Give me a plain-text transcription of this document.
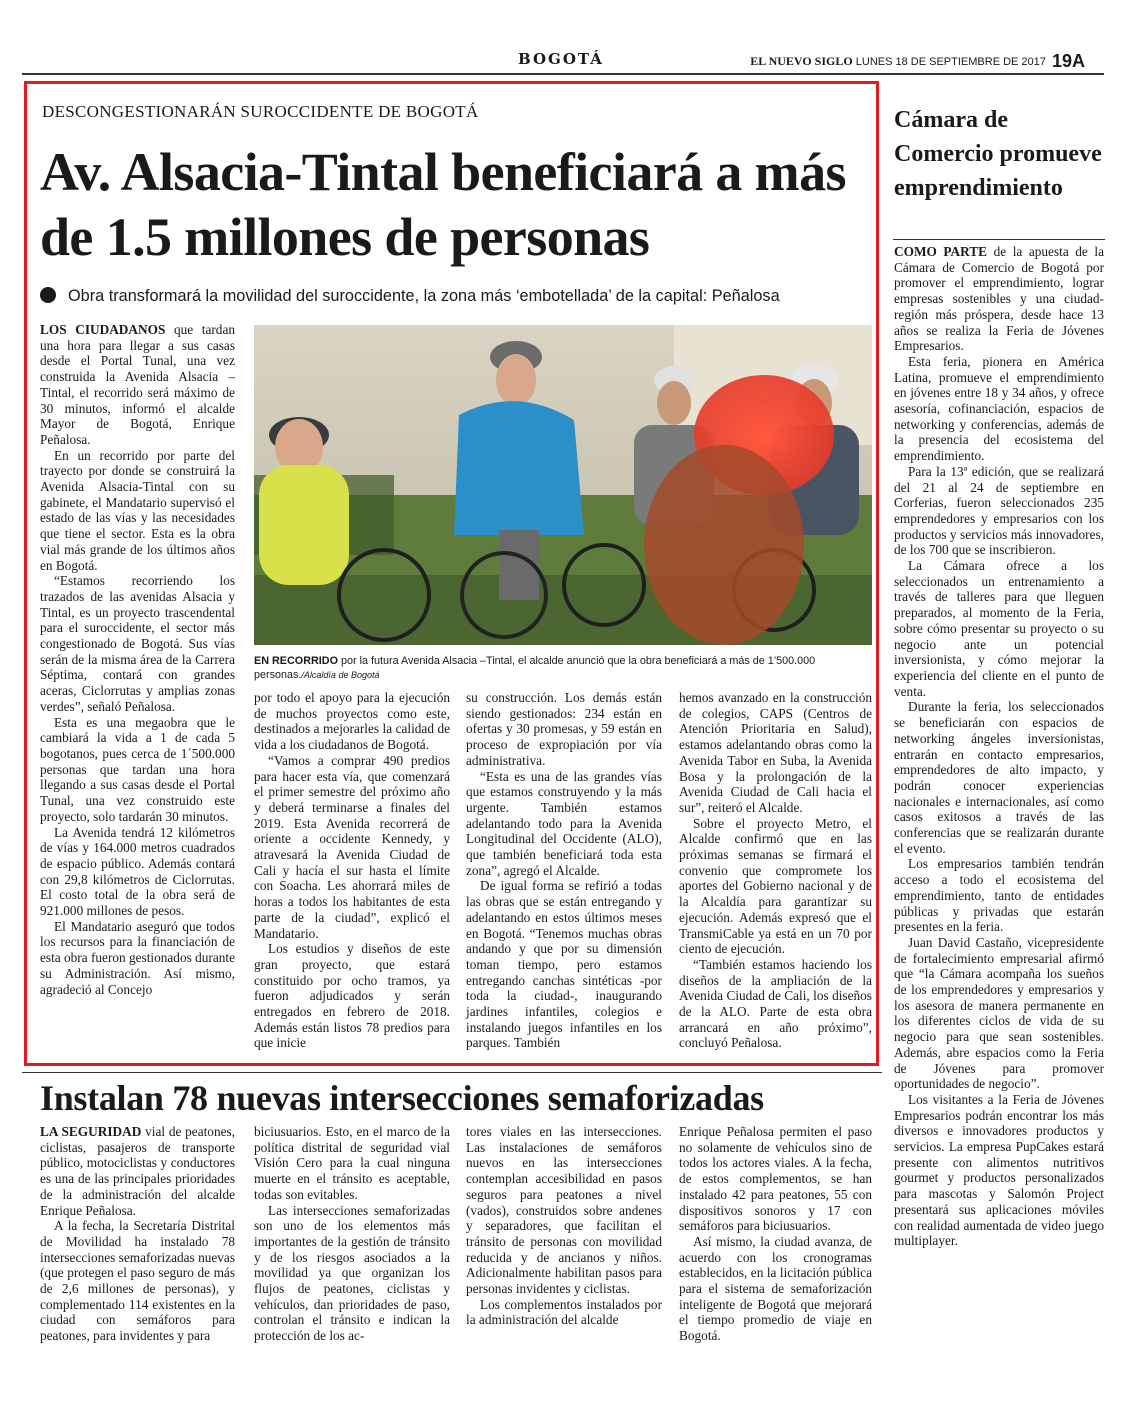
BOGOTÁ	EL NUEVO SIGLO LUNES 18 DE SEPTIEMBRE DE 2017 19A
DESCONGESTIONARÁN SUROCCIDENTE DE BOGOTÁ
Av. Alsacia-Tintal beneficiará a más de 1.5 millones de personas
Obra transformará la movilidad del suroccidente, la zona más ‘embotellada’ de la capital: Peñalosa

LOS CIUDADANOS que tardan una hora para llegar a sus casas desde el Portal Tunal, una vez construida la Avenida Alsacia –Tintal, el recorrido será máximo de 30 minutos, informó el alcalde Mayor de Bogotá, Enrique Peñalosa.

En un recorrido por parte del trayecto por donde se construirá la Avenida Alsacia-Tintal con su gabinete, el Mandatario supervisó el estado de las vías y las necesidades que tiene el sector. Esta es la obra vial más grande de los últimos años en Bogotá.

“Estamos recorriendo los trazados de las avenidas Alsacia y Tintal, es un proyecto trascendental para el suroccidente, el sector más congestionado de Bogotá. Sus vías serán de la misma área de la Carrera Séptima, contará con grandes aceras, Ciclorrutas y amplias zonas verdes”, señaló Peñalosa.

Esta es una megaobra que le cambiará la vida a 1 de cada 5 bogotanos, pues cerca de 1´500.000 personas que tardan una hora llegando a sus casas desde el Portal Tunal, una vez construido este proyecto, solo tardarán 30 minutos.

La Avenida tendrá 12 kilómetros de vías y 164.000 metros cuadrados de espacio público. Además contará con 29,8 kilómetros de Ciclorrutas. El costo total de la obra será de 921.000 millones de pesos.

El Mandatario aseguró que todos los recursos para la financiación de esta obra fueron gestionados durante su Administración. Así mismo, agradeció al Concejo

EN RECORRIDO por la futura Avenida Alsacia –Tintal, el alcalde anunció que la obra beneficiará a más de 1’500.000 personas./Alcaldía de Bogotá

por todo el apoyo para la ejecución de muchos proyectos como este, destinados a mejorarles la calidad de vida a los ciudadanos de Bogotá.

“Vamos a comprar 490 predios para hacer esta vía, que comenzará el primer semestre del próximo año y deberá terminarse a finales del 2019. Esta Avenida recorrerá de oriente a occidente Kennedy, y atravesará la Avenida Ciudad de Cali y hacía el sur hasta el límite con Soacha. Les ahorrará miles de horas a todos los habitantes de esta parte de la ciudad”, explicó el Mandatario.

Los estudios y diseños de este gran proyecto, que estará constituido por ocho tramos, ya fueron adjudicados y serán entregados en febrero de 2018. Además están listos 78 predios para que inicie

su construcción. Los demás están siendo gestionados: 234 están en ofertas y 30 promesas, y 59 están en proceso de expropiación por vía administrativa.

“Esta es una de las grandes vías que estamos construyendo y la más urgente. También estamos adelantando todo para la Avenida Longitudinal del Occidente (ALO), que también beneficiará toda esta zona”, agregó el Alcalde.

De igual forma se refirió a todas las obras que se están entregando y adelantando en estos últimos meses en Bogotá. “Tenemos muchas obras andando y que por su dimensión toman tiempo, pero estamos entregando canchas sintéticas -por toda la ciudad-, inaugurando jardines infantiles, colegios e instalando juegos infantiles en los parques. También

hemos avanzado en la construcción de colegios, CAPS (Centros de Atención Prioritaria en Salud), estamos adelantando obras como la Avenida Tabor en Suba, la Avenida Bosa y la prolongación de la Avenida Ciudad de Cali hacia el sur”, reiteró el Alcalde.

Sobre el proyecto Metro, el Alcalde confirmó que en las próximas semanas se firmará el convenio que compromete los aportes del Gobierno nacional y de la Alcaldía para garantizar su ejecución. Además expresó que el TransmiCable ya está en un 70 por ciento de ejecución.

“También estamos haciendo los diseños de la ampliación de la Avenida Ciudad de Cali, los diseños de la ALO. Parte de esta obra arrancará en año próximo”, concluyó Peñalosa.

Cámara de Comercio promueve emprendimiento

COMO PARTE de la apuesta de la Cámara de Comercio de Bogotá por promover el emprendimiento, lograr empresas sostenibles y una ciudad-región más próspera, desde hace 13 años se realiza la Feria de Jóvenes Empresarios.

Esta feria, pionera en América Latina, promueve el emprendimiento en jóvenes entre 18 y 34 años, y ofrece asesoría, cofinanciación, espacios de networking y conferencias, además de la presencia del ecosistema del emprendimiento.

Para la 13ª edición, que se realizará del 21 al 24 de septiembre en Corferias, fueron seleccionados 235 emprendedores y empresarios con los productos y servicios más innovadores, de los 700 que se inscribieron.

La Cámara ofrece a los seleccionados un entrenamiento a través de talleres para que lleguen preparados, al momento de la Feria, sobre cómo presentar su proyecto o su negocio ante un potencial inversionista, y cómo mejorar la experiencia del cliente en el punto de venta.

Durante la feria, los seleccionados se beneficiarán con espacios de networking ángeles inversionistas, entrarán en contacto empresarios, emprendedores de alto impacto, y podrán conocer experiencias nacionales e internacionales, así como casos exitosos a través de las conferencias que se realizarán durante el evento.

Los empresarios también tendrán acceso a todo el ecosistema del emprendimiento, tanto de entidades públicas y privadas que estarán presentes en la feria.

Juan David Castaño, vicepresidente de fortalecimiento empresarial afirmó que “la Cámara acompaña los sueños de los emprendedores y empresarios y los asesora de manera permanente en los diferentes ciclos de vida de su negocio para que sean sostenibles. Además, abre espacios como la Feria de Jóvenes para promover oportunidades de negocio”.

Los visitantes a la Feria de Jóvenes Empresarios podrán encontrar los más diversos e innovadores productos y servicios. La empresa PupCakes estará presente con alimentos nutritivos gourmet y productos personalizados para mascotas y Salomón Project presentará sus aplicaciones móviles con realidad aumentada de video juego multiplayer.

Instalan 78 nuevas intersecciones semaforizadas

LA SEGURIDAD vial de peatones, ciclistas, pasajeros de transporte público, motociclistas y conductores es una de las principales prioridades de la administración del alcalde Enrique Peñalosa.

A la fecha, la Secretaría Distrital de Movilidad ha instalado 78 intersecciones semaforizadas nuevas (que protegen el paso seguro de más de 2,6 millones de personas), y complementado 114 existentes en la ciudad con semáforos para peatones, para invidentes y para

biciusuarios. Esto, en el marco de la política distrital de seguridad vial Visión Cero para la cual ninguna muerte en el tránsito es aceptable, todas son evitables.

Las intersecciones semaforizadas son uno de los elementos más importantes de la gestión de tránsito y de los riesgos asociados a la movilidad ya que organizan los flujos de peatones, ciclistas y vehículos, dan prioridades de paso, controlan el tránsito e indican la protección de los ac-

tores viales en las intersecciones. Las instalaciones de semáforos nuevos en las intersecciones contemplan accesibilidad en pasos seguros para peatones a nivel (vados), construidos sobre andenes y separadores, que facilitan el tránsito de personas con movilidad reducida y de ancianos y niños. Adicionalmente habilitan pasos para personas invidentes y ciclistas.

Los complementos instalados por la administración del alcalde

Enrique Peñalosa permiten el paso no solamente de vehículos sino de todos los actores viales. A la fecha, de estos complementos, se han instalado 42 para peatones, 55 con dispositivos sonoros y 17 con semáforos para biciusuarios.

Así mismo, la ciudad avanza, de acuerdo con los cronogramas establecidos, en la licitación pública para el sistema de semaforización inteligente de Bogotá que mejorará el tiempo promedio de viaje en Bogotá.
